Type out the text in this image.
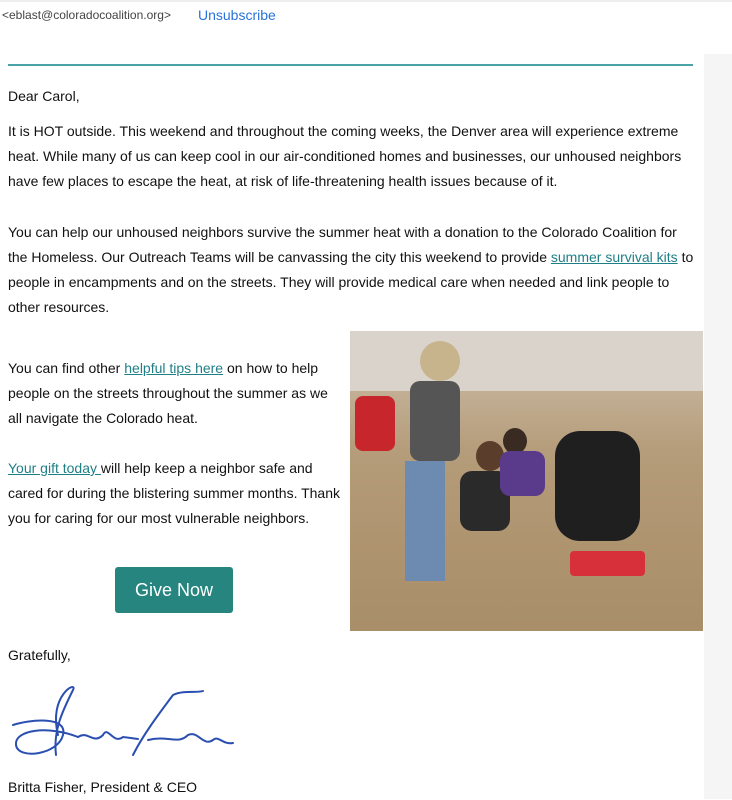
<eblast@coloradocoalition.org> Unsubscribe
Dear Carol,
It is HOT outside. This weekend and throughout the coming weeks, the Denver area will experience extreme heat. While many of us can keep cool in our air-conditioned homes and businesses, our unhoused neighbors have few places to escape the heat, at risk of life-threatening health issues because of it.
You can help our unhoused neighbors survive the summer heat with a donation to the Colorado Coalition for the Homeless. Our Outreach Teams will be canvassing the city this weekend to provide summer survival kits to people in encampments and on the streets. They will provide medical care when needed and link people to other resources.
You can find other helpful tips here on how to help people on the streets throughout the summer as we all navigate the Colorado heat.
Your gift today will help keep a neighbor safe and cared for during the blistering summer months. Thank you for caring for our most vulnerable neighbors.
Give Now
Gratefully,
Britta Fisher, President & CEO
